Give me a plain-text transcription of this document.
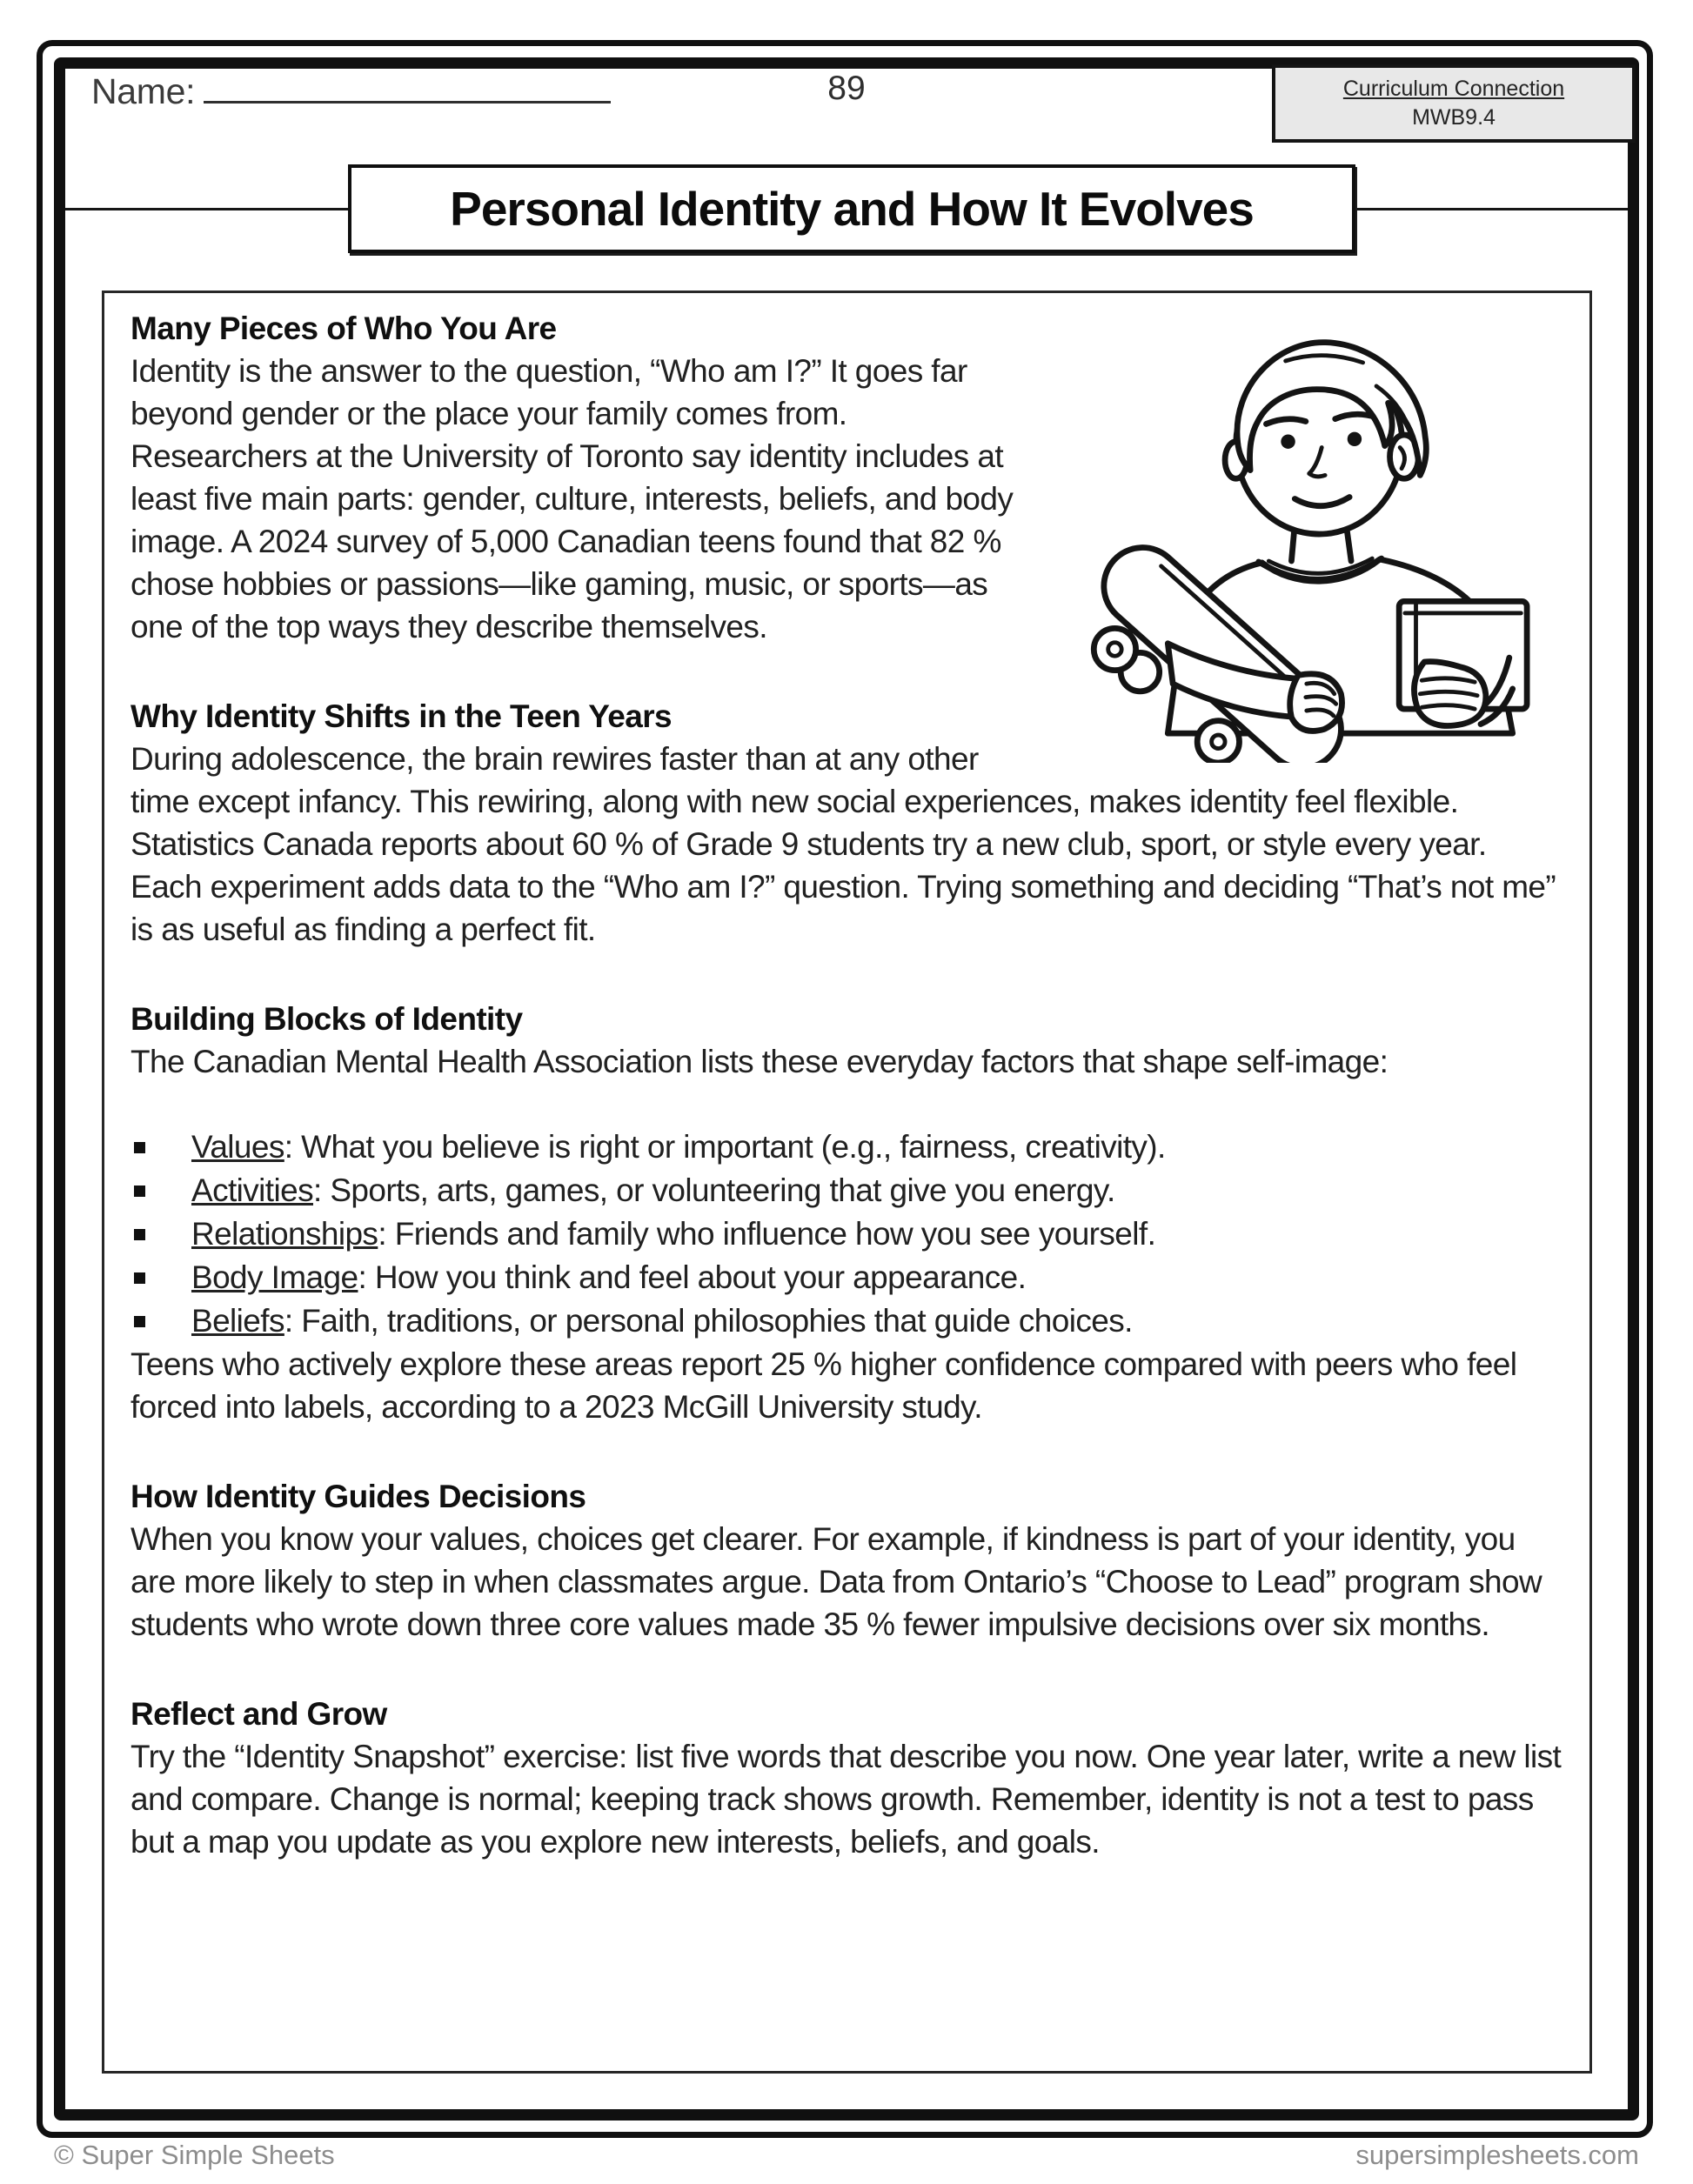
Name:	89	Curriculum Connection
MWB9.4
Personal Identity and How It Evolves

Many Pieces of Who You Are

Identity is the answer to the question, “Who am I?” It goes far beyond gender or the place your family comes from. Researchers at the University of Toronto say identity includes at least five main parts: gender, culture, interests, beliefs, and body image. A 2024 survey of 5,000 Canadian teens found that 82 % chose hobbies or passions—like gaming, music, or sports—as one of the top ways they describe themselves.

Why Identity Shifts in the Teen Years

During adolescence, the brain rewires faster than at any other time except infancy. This rewiring, along with new social experiences, makes identity feel flexible. Statistics Canada reports about 60 % of Grade 9 students try a new club, sport, or style every year. Each experiment adds data to the “Who am I?” question. Trying something and deciding “That’s not me” is as useful as finding a perfect fit.

Building Blocks of Identity

The Canadian Mental Health Association lists these everyday factors that shape self-image:

Values: What you believe is right or important (e.g., fairness, creativity).
Activities: Sports, arts, games, or volunteering that give you energy.
Relationships: Friends and family who influence how you see yourself.
Body Image: How you think and feel about your appearance.
Beliefs: Faith, traditions, or personal philosophies that guide choices.

Teens who actively explore these areas report 25 % higher confidence compared with peers who feel forced into labels, according to a 2023 McGill University study.

How Identity Guides Decisions

When you know your values, choices get clearer. For example, if kindness is part of your identity, you are more likely to step in when classmates argue. Data from Ontario’s “Choose to Lead” program show students who wrote down three core values made 35 % fewer impulsive decisions over six months.

Reflect and Grow

Try the “Identity Snapshot” exercise: list five words that describe you now. One year later, write a new list and compare. Change is normal; keeping track shows growth. Remember, identity is not a test to pass but a map you update as you explore new interests, beliefs, and goals.

© Super Simple Sheets	supersimplesheets.com
